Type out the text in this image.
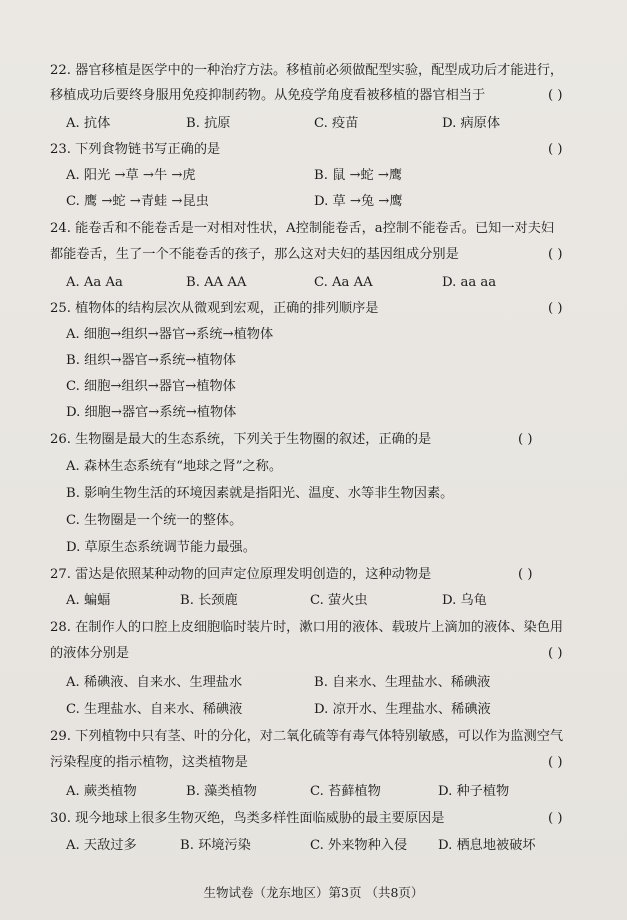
22. 器官移植是医学中的一种治疗方法。移植前必须做配型实验，配型成功后才能进行，
移植成功后要终身服用免疫抑制药物。从免疫学角度看被移植的器官相当于	( )
A. 抗体	B. 抗原	C. 疫苗	D. 病原体
23. 下列食物链书写正确的是	( )
A. 阳光 →草 →牛 →虎	B. 鼠 →蛇 →鹰
C. 鹰 →蛇 →青蛙 →昆虫	D. 草 →兔 →鹰
24. 能卷舌和不能卷舌是一对相对性状，A控制能卷舌，a控制不能卷舌。已知一对夫妇
都能卷舌，生了一个不能卷舌的孩子，那么这对夫妇的基因组成分别是	( )
A. Aa Aa	B. AA AA	C. Aa AA	D. aa aa
25. 植物体的结构层次从微观到宏观，正确的排列顺序是	( )
A. 细胞→组织→器官→系统→植物体
B. 组织→器官→系统→植物体
C. 细胞→组织→器官→植物体
D. 细胞→器官→系统→植物体
26. 生物圈是最大的生态系统，下列关于生物圈的叙述，正确的是	( )
A. 森林生态系统有“地球之肾”之称。
B. 影响生物生活的环境因素就是指阳光、温度、水等非生物因素。
C. 生物圈是一个统一的整体。
D. 草原生态系统调节能力最强。
27. 雷达是依照某种动物的回声定位原理发明创造的，这种动物是	( )
A. 蝙蝠	B. 长颈鹿	C. 萤火虫	D. 乌龟
28. 在制作人的口腔上皮细胞临时装片时，漱口用的液体、载玻片上滴加的液体、染色用
的液体分别是	( )
A. 稀碘液、自来水、生理盐水	B. 自来水、生理盐水、稀碘液
C. 生理盐水、自来水、稀碘液	D. 凉开水、生理盐水、稀碘液
29. 下列植物中只有茎、叶的分化，对二氧化硫等有毒气体特别敏感，可以作为监测空气
污染程度的指示植物，这类植物是	( )
A. 蕨类植物	B. 藻类植物	C. 苔藓植物	D. 种子植物
30. 现今地球上很多生物灭绝，鸟类多样性面临威胁的最主要原因是	( )
A. 天敌过多	B. 环境污染	C. 外来物种入侵 D. 栖息地被破坏
生物试卷（龙东地区）第3页 （共8页）
